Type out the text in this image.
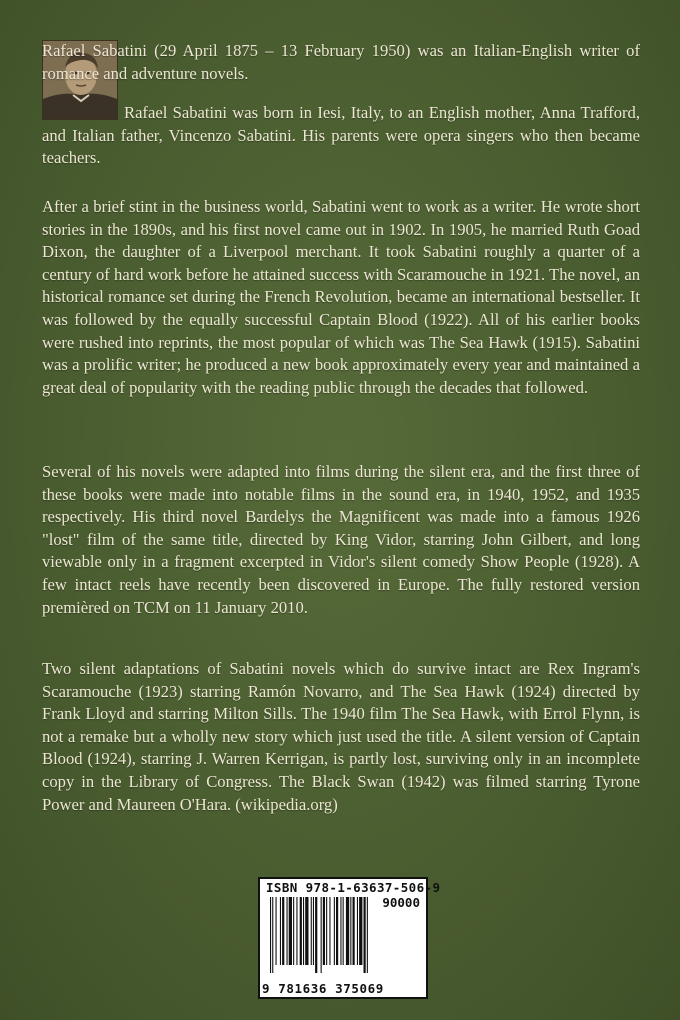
Rafael Sabatini (29 April 1875 – 13 February 1950) was an Italian-English writer of romance and adventure novels.

Rafael Sabatini was born in Iesi, Italy, to an English mother, Anna Trafford, and Italian father, Vincenzo Sabatini. His parents were opera singers who then became teachers.

After a brief stint in the business world, Sabatini went to work as a writer. He wrote short stories in the 1890s, and his first novel came out in 1902. In 1905, he married Ruth Goad Dixon, the daughter of a Liverpool merchant. It took Sabatini roughly a quarter of a century of hard work before he attained success with Scaramouche in 1921. The novel, an historical romance set during the French Revolution, became an international bestseller. It was followed by the equally successful Captain Blood (1922). All of his earlier books were rushed into reprints, the most popular of which was The Sea Hawk (1915). Sabatini was a prolific writer; he produced a new book approximately every year and maintained a great deal of popularity with the reading public through the decades that followed.

Several of his novels were adapted into films during the silent era, and the first three of these books were made into notable films in the sound era, in 1940, 1952, and 1935 respectively. His third novel Bardelys the Magnificent was made into a famous 1926 "lost" film of the same title, directed by King Vidor, starring John Gilbert, and long viewable only in a fragment excerpted in Vidor's silent comedy Show People (1928). A few intact reels have recently been discovered in Europe. The fully restored version premièred on TCM on 11 January 2010.

Two silent adaptations of Sabatini novels which do survive intact are Rex Ingram's Scaramouche (1923) starring Ramón Novarro, and The Sea Hawk (1924) directed by Frank Lloyd and starring Milton Sills. The 1940 film The Sea Hawk, with Errol Flynn, is not a remake but a wholly new story which just used the title. A silent version of Captain Blood (1924), starring J. Warren Kerrigan, is partly lost, surviving only in an incomplete copy in the Library of Congress. The Black Swan (1942) was filmed starring Tyrone Power and Maureen O'Hara. (wikipedia.org)

ISBN 978-1-63637-506-9
90000
9 781636 375069
